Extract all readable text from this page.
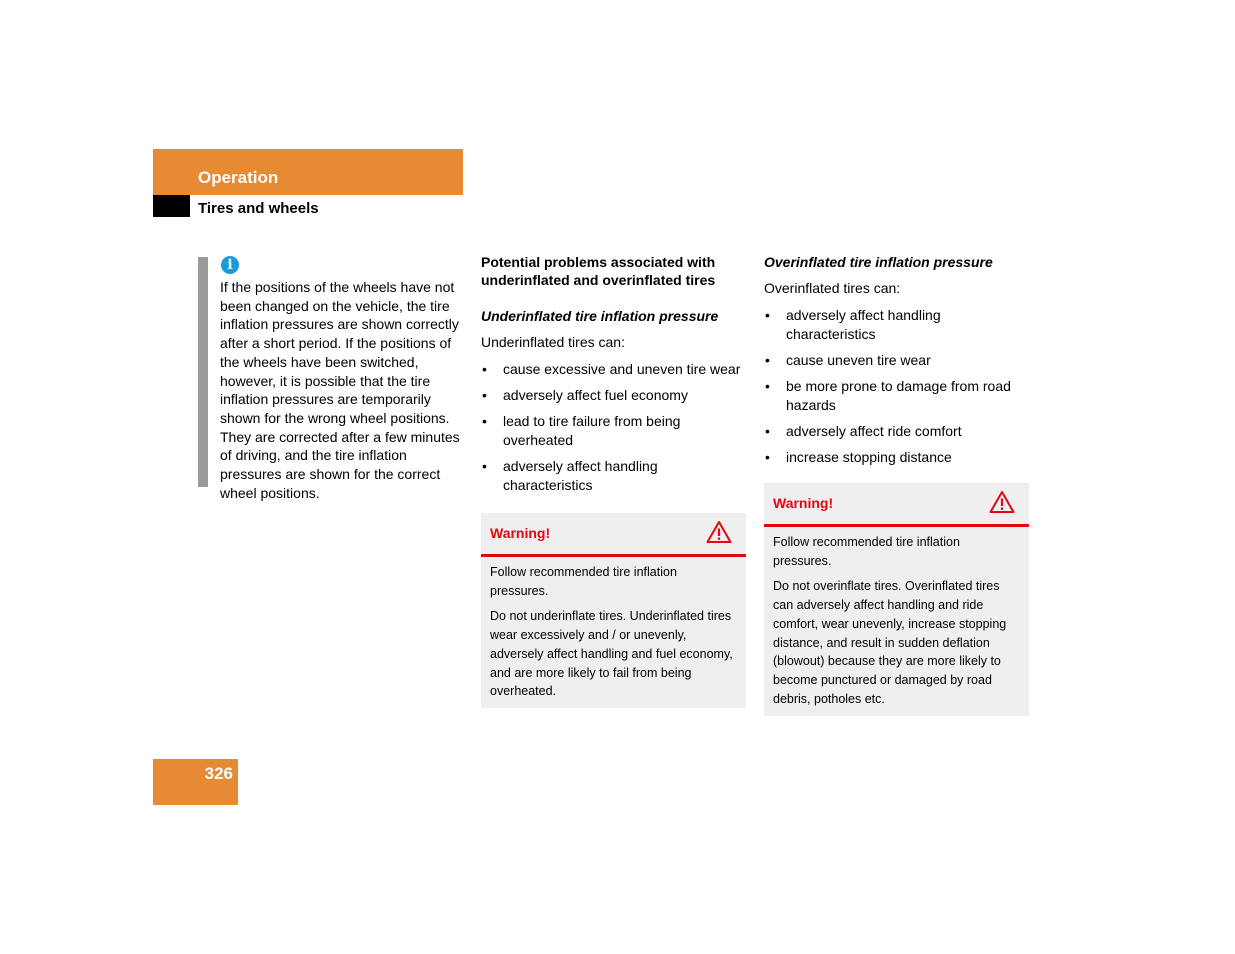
Operation
Tires and wheels
i

If the positions of the wheels have not been changed on the vehicle, the tire inflation pressures are shown correctly after a short period. If the positions of the wheels have been switched, however, it is possible that the tire inflation pressures are temporarily shown for the wrong wheel positions. They are corrected after a few minutes of driving, and the tire inflation pressures are shown for the correct wheel positions.

Potential problems associated with underinflated and overinflated tires

Underinflated tire inflation pressure

Underinflated tires can:

• cause excessive and uneven tire wear
• adversely affect fuel economy
• lead to tire failure from being overheated
• adversely affect handling characteristics
Warning!

Follow recommended tire inflation pressures.

Do not underinflate tires. Underinflated tires wear excessively and / or unevenly, adversely affect handling and fuel economy, and are more likely to fail from being overheated.

Overinflated tire inflation pressure

Overinflated tires can:

• adversely affect handling characteristics
• cause uneven tire wear
• be more prone to damage from road hazards
• adversely affect ride comfort
• increase stopping distance
Warning!

Follow recommended tire inflation pressures.

Do not overinflate tires. Overinflated tires can adversely affect handling and ride comfort, wear unevenly, increase stopping distance, and result in sudden deflation (blowout) because they are more likely to become punctured or damaged by road debris, potholes etc.

326
